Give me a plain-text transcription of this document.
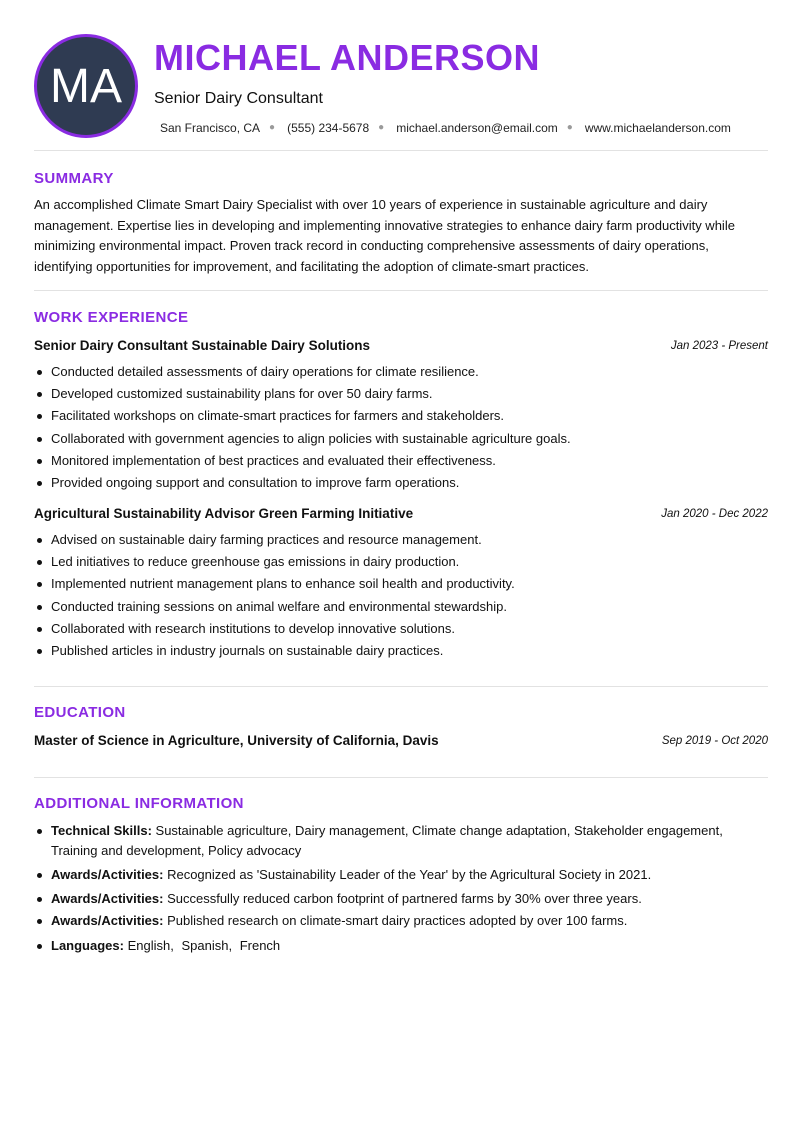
MA
MICHAEL ANDERSON
Senior Dairy Consultant
San Francisco, CA ● (555) 234-5678 ● michael.anderson@email.com ● www.michaelanderson.com
SUMMARY

An accomplished Climate Smart Dairy Specialist with over 10 years of experience in sustainable agriculture and dairy management. Expertise lies in developing and implementing innovative strategies to enhance dairy farm productivity while minimizing environmental impact. Proven track record in conducting comprehensive assessments of dairy operations, identifying opportunities for improvement, and facilitating the adoption of climate-smart practices.

WORK EXPERIENCE
Senior Dairy Consultant Sustainable Dairy Solutions	Jan 2023 - Present
Conducted detailed assessments of dairy operations for climate resilience.
Developed customized sustainability plans for over 50 dairy farms.
Facilitated workshops on climate-smart practices for farmers and stakeholders.
Collaborated with government agencies to align policies with sustainable agriculture goals.
Monitored implementation of best practices and evaluated their effectiveness.
Provided ongoing support and consultation to improve farm operations.
Agricultural Sustainability Advisor Green Farming Initiative	Jan 2020 - Dec 2022
Advised on sustainable dairy farming practices and resource management.
Led initiatives to reduce greenhouse gas emissions in dairy production.
Implemented nutrient management plans to enhance soil health and productivity.
Conducted training sessions on animal welfare and environmental stewardship.
Collaborated with research institutions to develop innovative solutions.
Published articles in industry journals on sustainable dairy practices.
EDUCATION
Master of Science in Agriculture, University of California, Davis	Sep 2019 - Oct 2020
ADDITIONAL INFORMATION
Technical Skills: Sustainable agriculture, Dairy management, Climate change adaptation, Stakeholder engagement, Training and development, Policy advocacy
Awards/Activities: Recognized as 'Sustainability Leader of the Year' by the Agricultural Society in 2021.
Awards/Activities: Successfully reduced carbon footprint of partnered farms by 30% over three years.
Awards/Activities: Published research on climate-smart dairy practices adopted by over 100 farms.
Languages: English, Spanish, French
